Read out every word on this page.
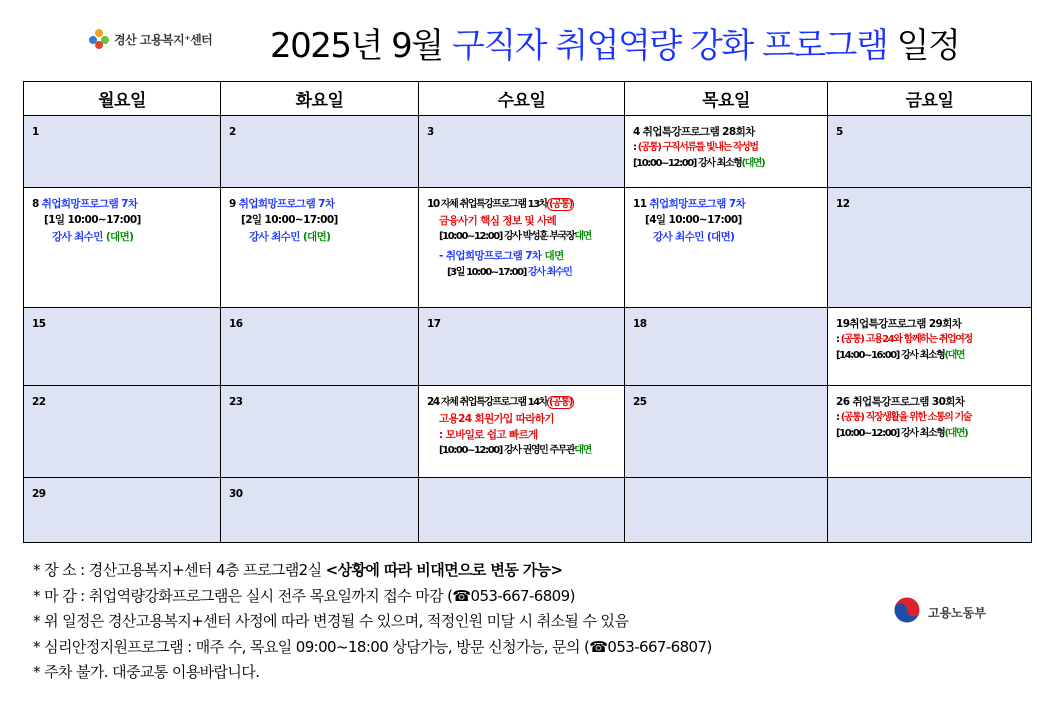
경산 고용복지⁺센터 2025년 9월 구직자 취업역량 강화 프로그램 일정
월요일	화요일	수요일	목요일	금요일
1	2	3	4 취업특강프로그램 28회차
: (공통) 구직서류를 빛내는 작성법
[10:00~12:00] 강사 최소형(대면)	5

8 취업희망프로그램 7차
[1일 10:00~17:00]
강사 최수민 (대면)	9 취업희망프로그램 7차
[2일 10:00~17:00]
강사 최수민 (대면)	10 자체 취업특강프로그램 13차 (공통)
금융사기 핵심 정보 및 사례
[10:00~12:00] 강사 박성훈 부국장대면
- 취업희망프로그램 7차 대면
[3일 10:00~17:00] 강사 최수민	11 취업희망프로그램 7차
[4일 10:00~17:00]
강사 최수민 (대면)	12
15	16	17	18	19취업특강프로그램 29회차
: (공통) 고용24와 함께하는 취업여정
[14:00~16:00] 강사 최소형(대면

22	23	24 자체 취업특강프로그램 14차 (공통)
고용24 회원가입 따라하기
: 모바일로 쉽고 빠르게
[10:00~12:00] 강사 권영민 주무관대면	25	26 취업특강프로그램 30회차
: (공통) 직장생활을 위한 소통의 기술
[10:00~12:00] 강사 최소형(대면)

29	30			
* 장 소 : 경산고용복지+센터 4층 프로그램2실 <상황에 따라 비대면으로 변동 가능>
* 마 감 : 취업역량강화프로그램은 실시 전주 목요일까지 접수 마감 (☎053-667-6809)
* 위 일정은 경산고용복지+센터 사정에 따라 변경될 수 있으며, 적정인원 미달 시 취소될 수 있음
* 심리안정지원프로그램 : 매주 수, 목요일 09:00~18:00 상담가능, 방문 신청가능, 문의 (☎053-667-6807)
* 주차 불가. 대중교통 이용바랍니다.
고용노동부
